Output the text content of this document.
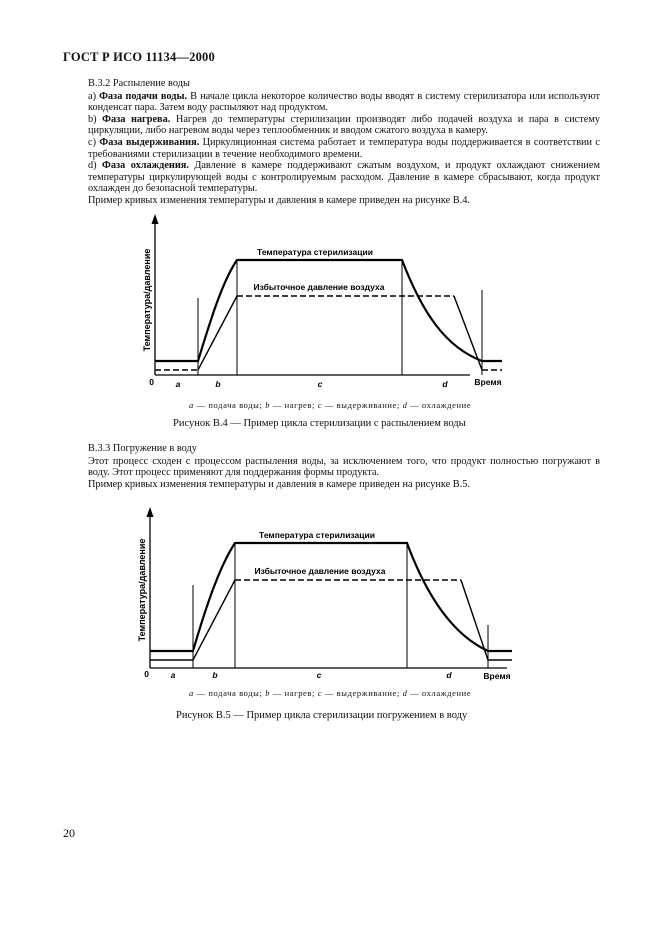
ГОСТ Р ИСО 11134—2000

В.3.2 Распыление воды

а) Фаза подачи воды. В начале цикла некоторое количество воды вводят в систему стерилизатора или используют конденсат пара. Затем воду распыляют над продуктом.

b) Фаза нагрева. Нагрев до температуры стерилизации производят либо подачей воздуха и пара в систему циркуляции, либо нагревом воды через теплообменник и вводом сжатого воздуха в камеру.

с) Фаза выдерживания. Циркуляционная система работает и температура воды поддерживается в соответствии с требованиями стерилизации в течение необходимого времени.

d) Фаза охлаждения. Давление в камере поддерживают сжатым воздухом, и продукт охлаждают снижением температуры циркулирующей воды с контролируемым расходом. Давление в камере сбрасывают, когда продукт охлажден до безопасной температуры.

Пример кривых изменения температуры и давления в камере приведен на рисунке В.4.

Температура/давление
0	Время
Температура стерилизации
Избыточное давление воздуха
a	b	c	d
a — подача воды; b — нагрев; c — выдерживание; d — охлаждение
Рисунок В.4 — Пример цикла стерилизации с распылением воды

В.3.3 Погружение в воду

Этот процесс сходен с процессом распыления воды, за исключением того, что продукт полностью погружают в воду. Этот процесс применяют для поддержания формы продукта.

Пример кривых изменения температуры и давления в камере приведен на рисунке В.5.

Температура/давление
0	Время
Температура стерилизации
Избыточное давление воздуха
a	b	c	d
a — подача воды; b — нагрев; c — выдерживание; d — охлаждение
Рисунок В.5 — Пример цикла стерилизации погружением в воду
20
